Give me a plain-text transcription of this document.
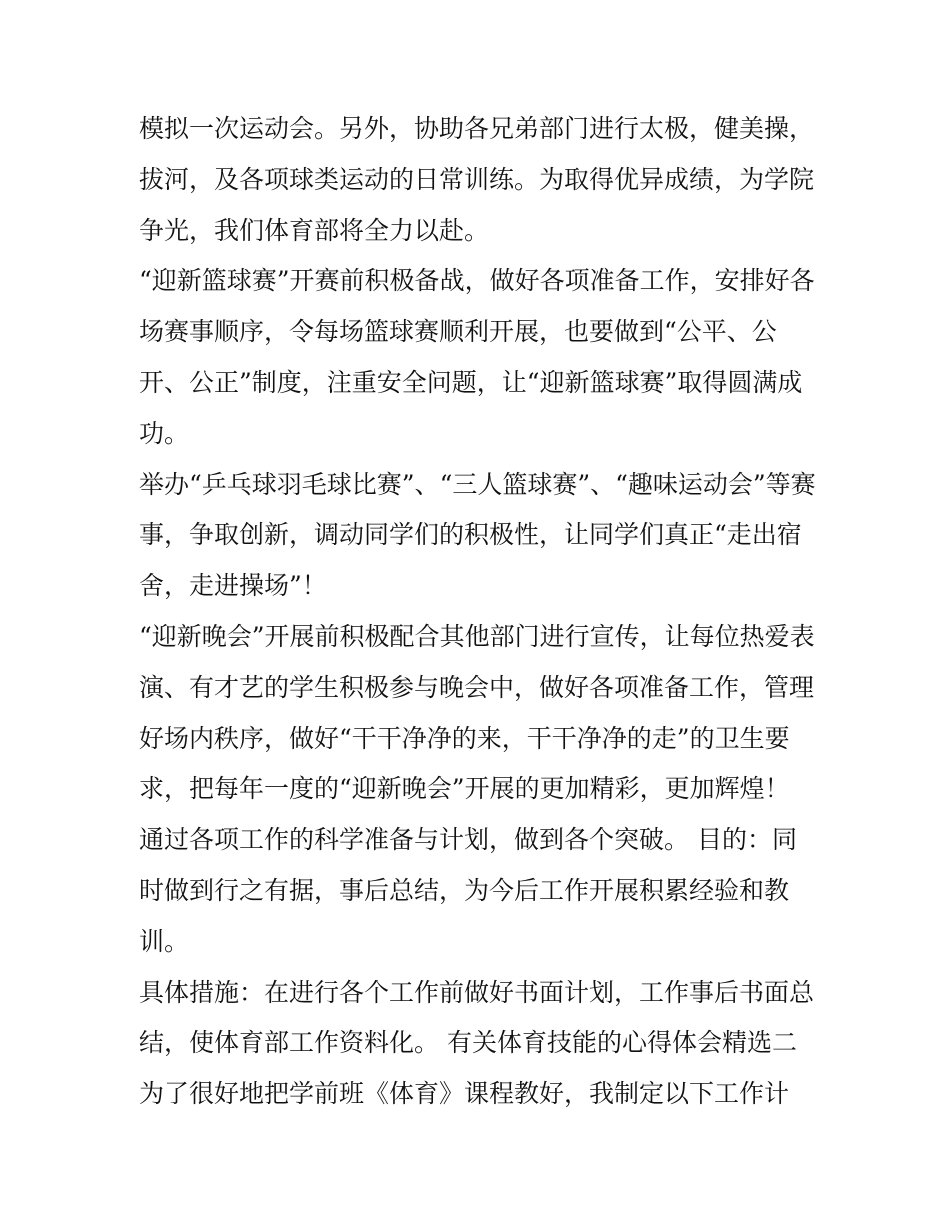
模拟一次运动会。另外，协助各兄弟部门进行太极，健美操，

拔河，及各项球类运动的日常训练。为取得优异成绩，为学院

争光，我们体育部将全力以赴。

“迎新篮球赛”开赛前积极备战，做好各项准备工作，安排好各

场赛事顺序，令每场篮球赛顺利开展，也要做到“公平、公

开、公正”制度，注重安全问题，让“迎新篮球赛”取得圆满成

功。

举办“乒乓球羽毛球比赛”、“三人篮球赛”、“趣味运动会”等赛

事，争取创新，调动同学们的积极性，让同学们真正“走出宿

舍，走进操场”！

“迎新晚会”开展前积极配合其他部门进行宣传，让每位热爱表

演、有才艺的学生积极参与晚会中，做好各项准备工作，管理

好场内秩序，做好“干干净净的来，干干净净的走”的卫生要

求，把每年一度的“迎新晚会”开展的更加精彩，更加辉煌！

通过各项工作的科学准备与计划，做到各个突破。 目的：同

时做到行之有据，事后总结，为今后工作开展积累经验和教

训。

具体措施：在进行各个工作前做好书面计划，工作事后书面总

结，使体育部工作资料化。 有关体育技能的心得体会精选二

为了很好地把学前班《体育》课程教好，我制定以下工作计
